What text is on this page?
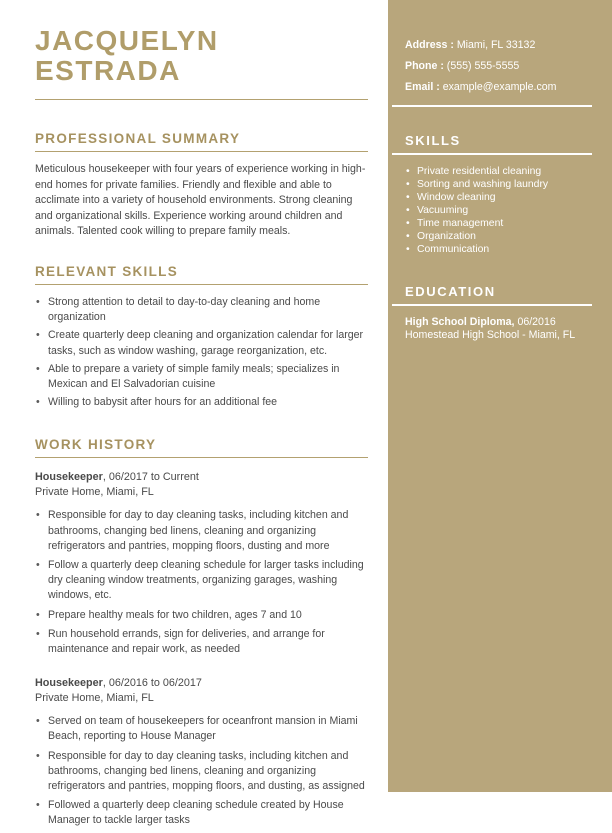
JACQUELYN
ESTRADA
PROFESSIONAL SUMMARY

Meticulous housekeeper with four years of experience working in high-end homes for private families. Friendly and flexible and able to acclimate into a variety of household environments. Strong cleaning and organizational skills. Experience working around children and animals. Talented cook willing to prepare family meals.

RELEVANT SKILLS
• Strong attention to detail to day-to-day cleaning and home organization
• Create quarterly deep cleaning and organization calendar for larger tasks, such as window washing, garage reorganization, etc.
• Able to prepare a variety of simple family meals; specializes in Mexican and El Salvadorian cuisine
• Willing to babysit after hours for an additional fee
WORK HISTORY
Housekeeper, 06/2017 to Current
Private Home, Miami, FL
• Responsible for day to day cleaning tasks, including kitchen and bathrooms, changing bed linens, cleaning and organizing refrigerators and pantries, mopping floors, dusting and more
• Follow a quarterly deep cleaning schedule for larger tasks including dry cleaning window treatments, organizing garages, washing windows, etc.
• Prepare healthy meals for two children, ages 7 and 10
• Run household errands, sign for deliveries, and arrange for maintenance and repair work, as needed
Housekeeper, 06/2016 to 06/2017
Private Home, Miami, FL
• Served on team of housekeepers for oceanfront mansion in Miami Beach, reporting to House Manager
• Responsible for day to day cleaning tasks, including kitchen and bathrooms, changing bed linens, cleaning and organizing refrigerators and pantries, mopping floors, and dusting, as assigned
• Followed a quarterly deep cleaning schedule created by House Manager to tackle larger tasks
Address : Miami, FL 33132
Phone : (555) 555-5555
Email : example@example.com
SKILLS
• Private residential cleaning
• Sorting and washing laundry
• Window cleaning
• Vacuuming
• Time management
• Organization
• Communication
EDUCATION

High School Diploma, 06/2016

Homestead High School - Miami, FL
